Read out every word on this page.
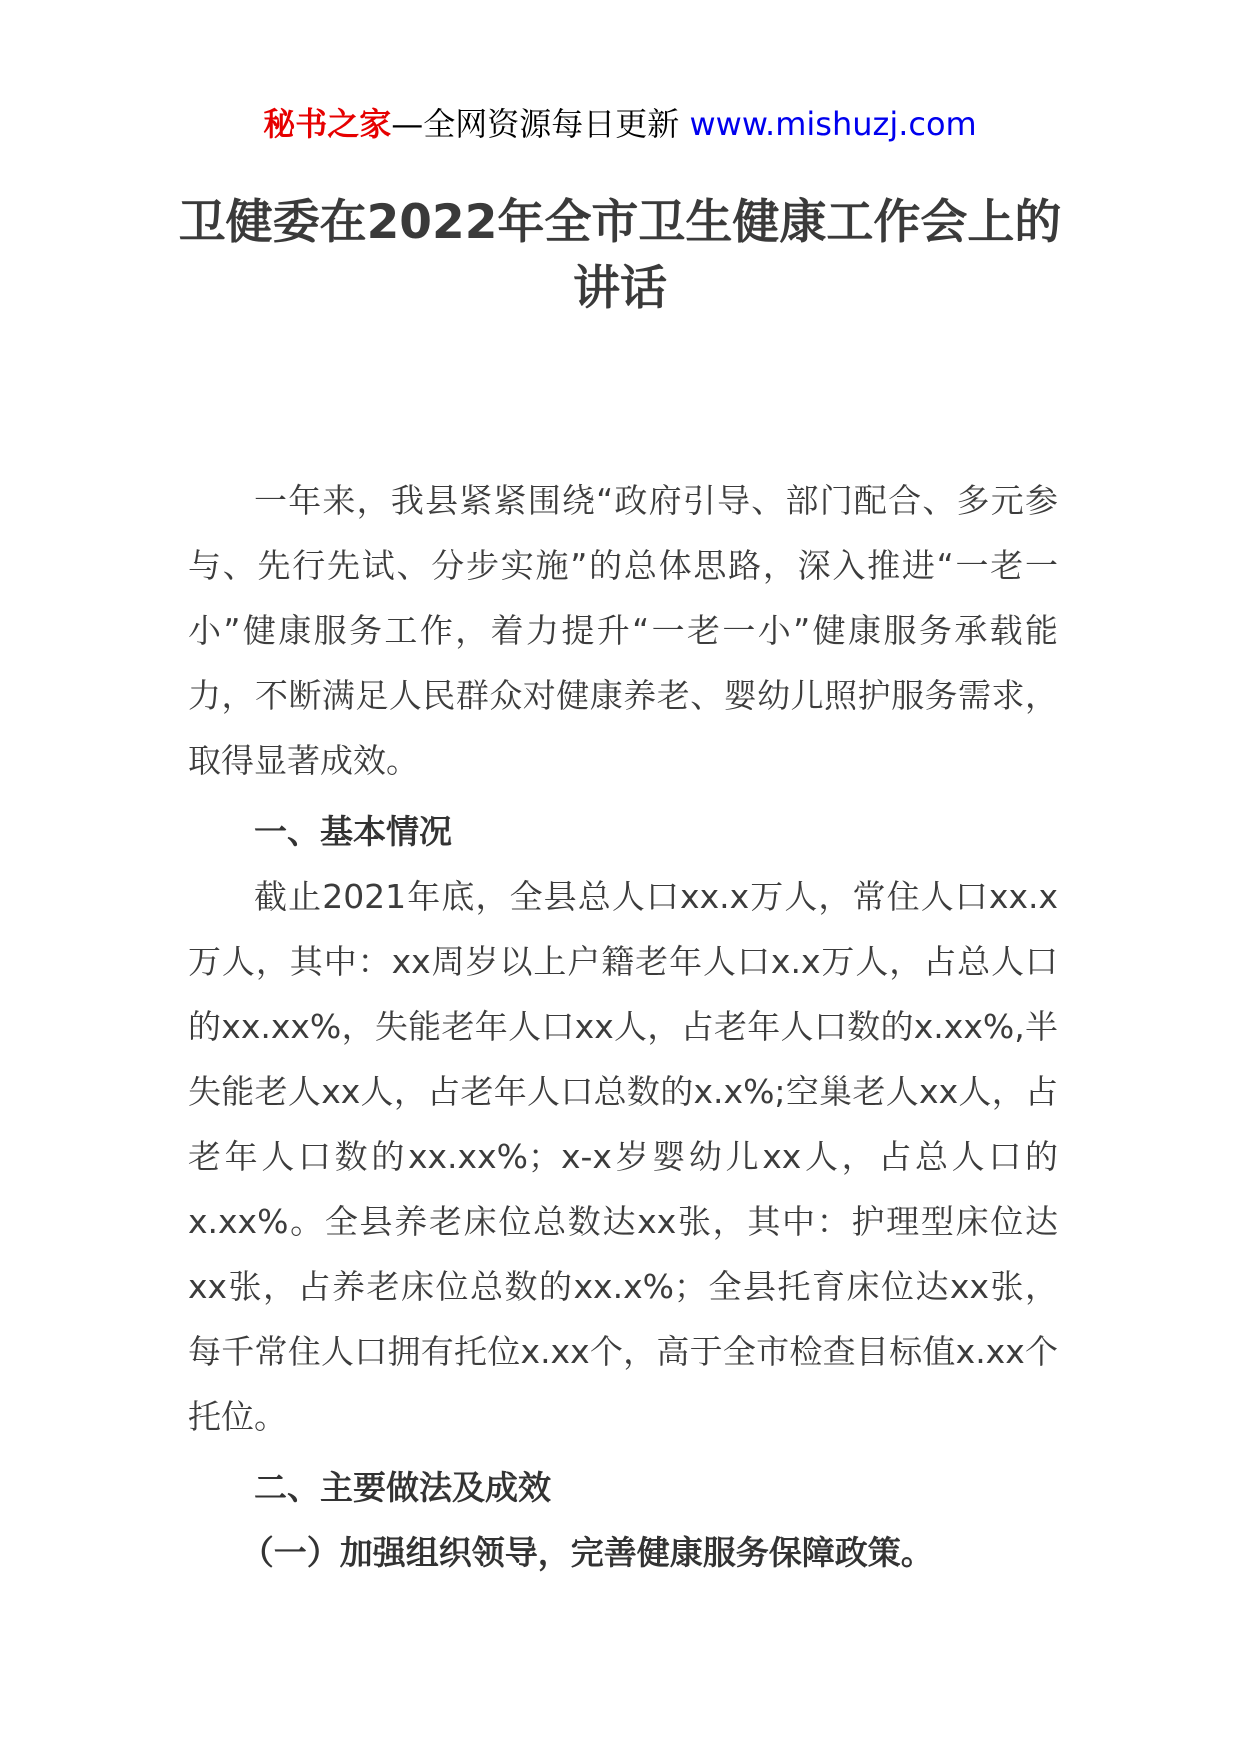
秘书之家—全网资源每日更新 www.mishuzj.com
卫健委在2022年全市卫生健康工作会上的讲话

一年来，我县紧紧围绕“政府引导、部门配合、多元参与、先行先试、分步实施”的总体思路，深入推进“一老一小”健康服务工作，着力提升“一老一小”健康服务承载能力，不断满足人民群众对健康养老、婴幼儿照护服务需求，取得显著成效。

一、基本情况

截止2021年底，全县总人口xx.x万人，常住人口xx.x万人，其中：xx周岁以上户籍老年人口x.x万人，占总人口的xx.xx%，失能老年人口xx人，占老年人口数的x.xx%,半失能老人xx人，占老年人口总数的x.x%;空巢老人xx人，占老年人口数的xx.xx%；x-x岁婴幼儿xx人，占总人口的x.xx%。全县养老床位总数达xx张，其中：护理型床位达xx张，占养老床位总数的xx.x%；全县托育床位达xx张，每千常住人口拥有托位x.xx个，高于全市检查目标值x.xx个托位。

二、主要做法及成效

（一）加强组织领导，完善健康服务保障政策。
